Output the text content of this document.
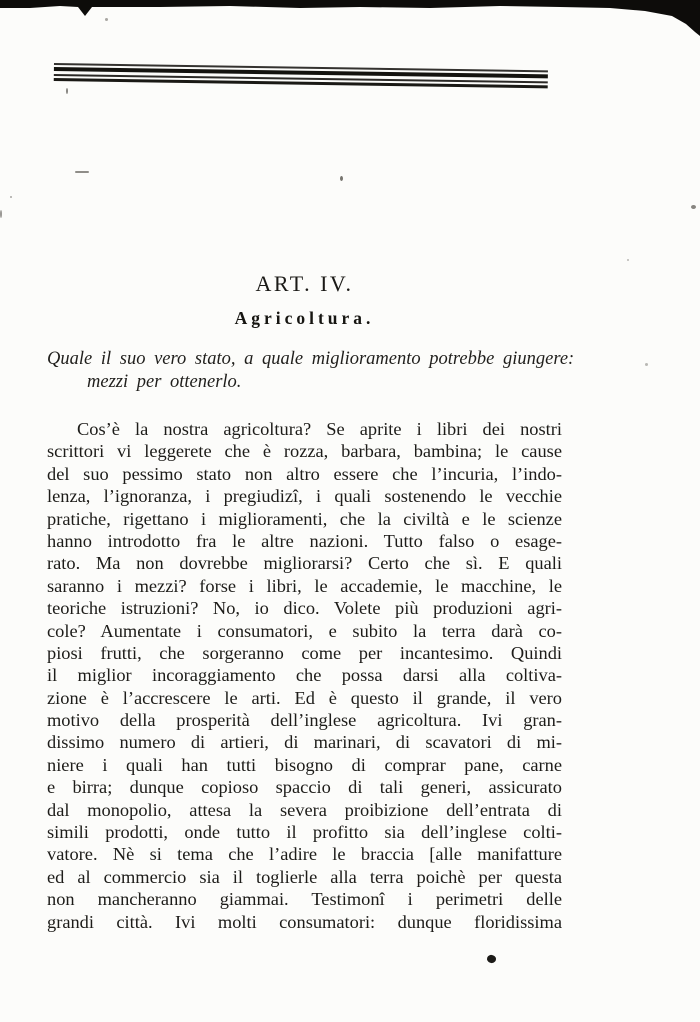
ART. IV.
Agricoltura.
Quale il suo vero stato, a quale miglioramento potrebbe giungere:
mezzi per ottenerlo.
Cos’è la nostra agricoltura? Se aprite i libri dei nostri
scrittori vi leggerete che è rozza, barbara, bambina; le cause
del suo pessimo stato non altro essere che l’incuria, l’indo-
lenza, l’ignoranza, i pregiudizî, i quali sostenendo le vecchie
pratiche, rigettano i miglioramenti, che la civiltà e le scienze
hanno introdotto fra le altre nazioni. Tutto falso o esage-
rato. Ma non dovrebbe migliorarsi? Certo che sì. E quali
saranno i mezzi? forse i libri, le accademie, le macchine, le
teoriche istruzioni? No, io dico. Volete più produzioni agri-
cole? Aumentate i consumatori, e subito la terra darà co-
piosi frutti, che sorgeranno come per incantesimo. Quindi
il miglior incoraggiamento che possa darsi alla coltiva-
zione è l’accrescere le arti. Ed è questo il grande, il vero
motivo della prosperità dell’inglese agricoltura. Ivi gran-
dissimo numero di artieri, di marinari, di scavatori di mi-
niere i quali han tutti bisogno di comprar pane, carne
e birra; dunque copioso spaccio di tali generi, assicurato
dal monopolio, attesa la severa proibizione dell’entrata di
simili prodotti, onde tutto il profitto sia dell’inglese colti-
vatore. Nè si tema che l’adire le braccia [alle manifatture
ed al commercio sia il toglierle alla terra poichè per questa
non mancheranno giammai. Testimonî i perimetri delle
grandi città. Ivi molti consumatori: dunque floridissima
